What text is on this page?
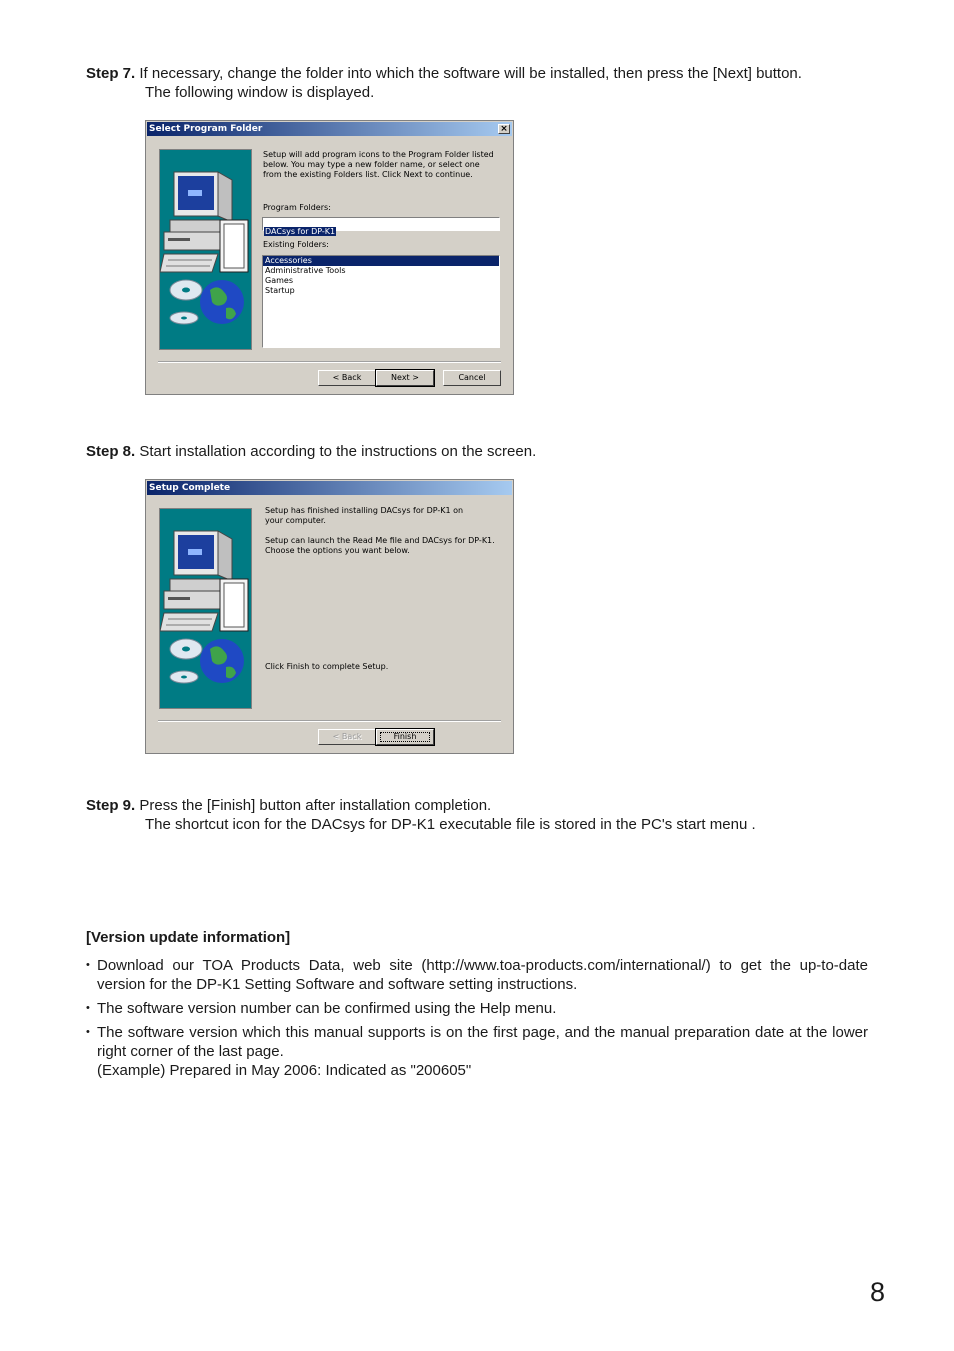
Step 7. If necessary, change the folder into which the software will be installed, then press the [Next] button.
The following window is displayed.
Select Program Folder	×
Setup will add program icons to the Program Folder listed below. You may type a new folder name, or select one from the existing Folders list. Click Next to continue.
Program Folders:
DACsys for DP-K1
Existing Folders:
Accessories
Administrative Tools
Games
Startup
< Back	Next >	Cancel
Step 8. Start installation according to the instructions on the screen.
Setup Complete
Setup has finished installing DACsys for DP-K1 on your computer.
Setup can launch the Read Me file and DACsys for DP-K1. Choose the options you want below.
Click Finish to complete Setup.
< Back	Finish
Step 9. Press the [Finish] button after installation completion.
The shortcut icon for the DACsys for DP-K1 executable file is stored in the PC's start menu .
[Version update information]
• Download our TOA Products Data, web site (http://www.toa-products.com/international/) to get the up-to-date version for the DP-K1 Setting Software and software setting instructions.
• The software version number can be confirmed using the Help menu.
• The software version which this manual supports is on the first page, and the manual preparation date at the lower right corner of the last page.
(Example) Prepared in May 2006: Indicated as "200605"
8
